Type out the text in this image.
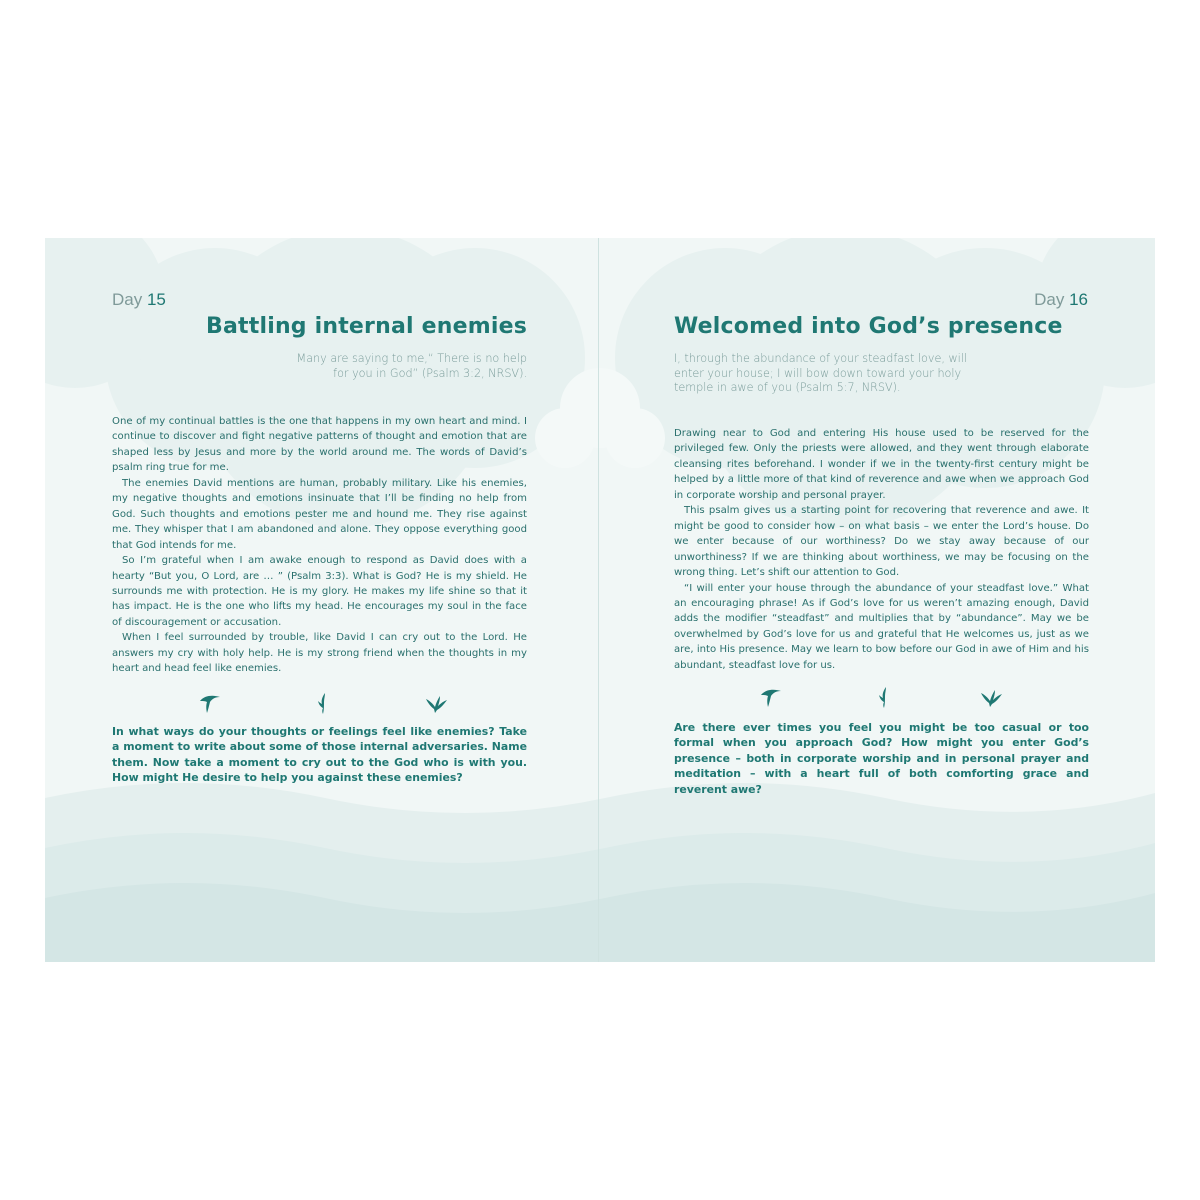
Day 15
Battling internal enemies

Many are saying to me,“ There is no help for you in God” (Psalm 3:2, NRSV).

One of my continual battles is the one that happens in my own heart and mind. I continue to discover and fight negative patterns of thought and emotion that are shaped less by Jesus and more by the world around me. The words of David’s psalm ring true for me.

The enemies David mentions are human, probably military. Like his enemies, my negative thoughts and emotions insinuate that I’ll be finding no help from God. Such thoughts and emotions pester me and hound me. They rise against me. They whisper that I am abandoned and alone. They oppose everything good that God intends for me.

So I’m grateful when I am awake enough to respond as David does with a hearty “But you, O Lord, are … ” (Psalm 3:3). What is God? He is my shield. He surrounds me with protection. He is my glory. He makes my life shine so that it has impact. He is the one who lifts my head. He encourages my soul in the face of discouragement or accusation.

When I feel surrounded by trouble, like David I can cry out to the Lord. He answers my cry with holy help. He is my strong friend when the thoughts in my heart and head feel like enemies.

In what ways do your thoughts or feelings feel like enemies? Take a moment to write about some of those internal adversaries. Name them. Now take a moment to cry out to the God who is with you. How might He desire to help you against these enemies?

Day 16
Welcomed into God’s presence

I, through the abundance of your steadfast love, will enter your house; I will bow down toward your holy temple in awe of you (Psalm 5:7, NRSV).

Drawing near to God and entering His house used to be reserved for the privileged few. Only the priests were allowed, and they went through elaborate cleansing rites beforehand. I wonder if we in the twenty-first century might be helped by a little more of that kind of reverence and awe when we approach God in corporate worship and personal prayer.

This psalm gives us a starting point for recovering that reverence and awe. It might be good to consider how – on what basis – we enter the Lord’s house. Do we enter because of our worthiness? Do we stay away because of our unworthiness? If we are thinking about worthiness, we may be focusing on the wrong thing. Let’s shift our attention to God.

“I will enter your house through the abundance of your steadfast love.” What an encouraging phrase! As if God’s love for us weren’t amazing enough, David adds the modifier “steadfast” and multiplies that by “abundance”. May we be overwhelmed by God’s love for us and grateful that He welcomes us, just as we are, into His presence. May we learn to bow before our God in awe of Him and his abundant, steadfast love for us.

Are there ever times you feel you might be too casual or too formal when you approach God? How might you enter God’s presence – both in corporate worship and in personal prayer and meditation – with a heart full of both comforting grace and reverent awe?
